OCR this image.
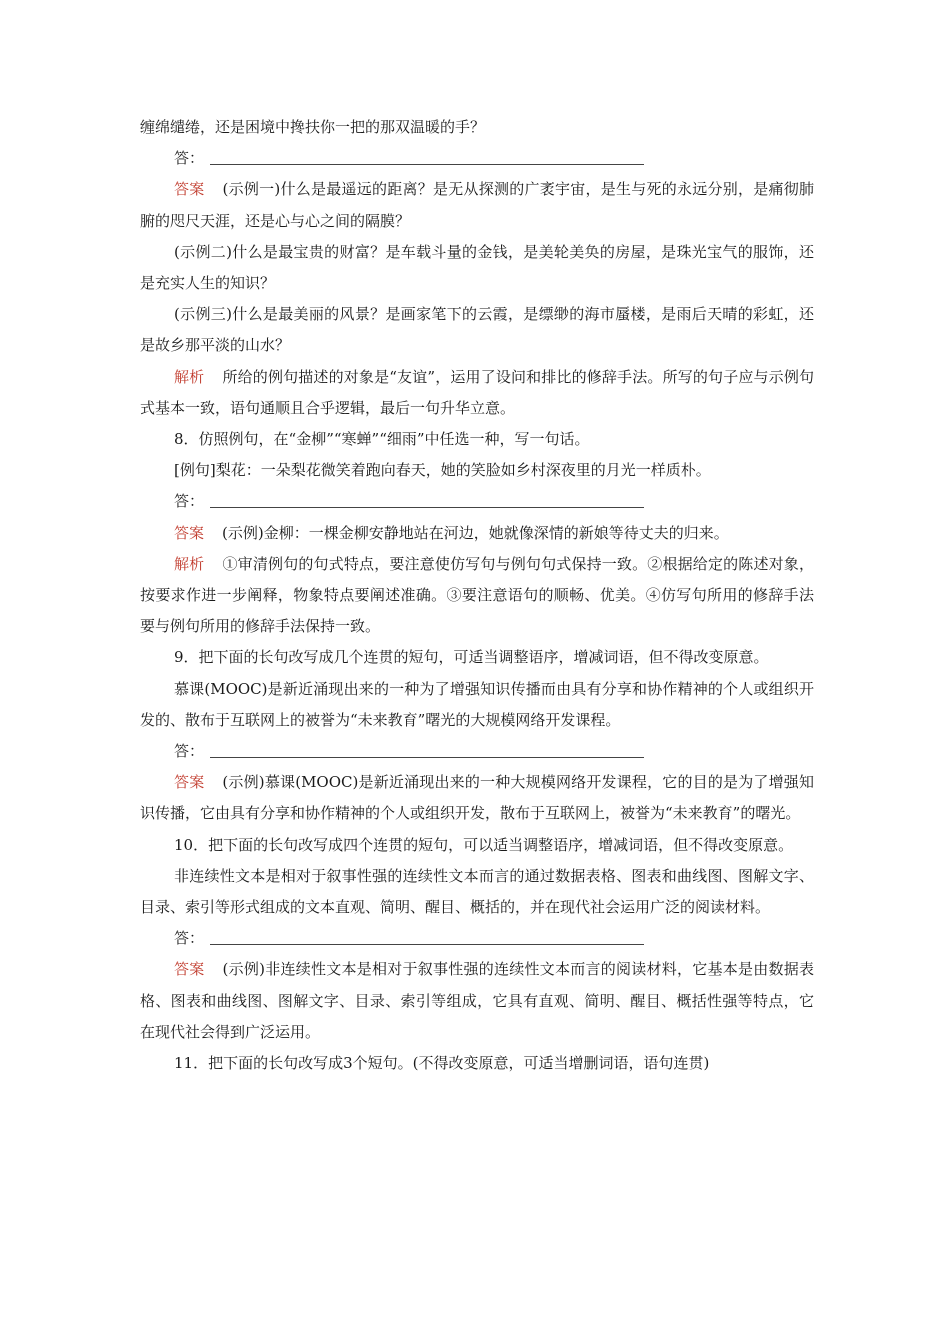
缠绵缱绻，还是困境中搀扶你一把的那双温暖的手？

答：

答案 (示例一)什么是最遥远的距离？是无从探测的广袤宇宙，是生与死的永远分别，是痛彻肺腑的咫尺天涯，还是心与心之间的隔膜？

(示例二)什么是最宝贵的财富？是车载斗量的金钱，是美轮美奂的房屋，是珠光宝气的服饰，还是充实人生的知识？

(示例三)什么是最美丽的风景？是画家笔下的云霞，是缥缈的海市蜃楼，是雨后天晴的彩虹，还是故乡那平淡的山水？

解析 所给的例句描述的对象是“友谊”，运用了设问和排比的修辞手法。所写的句子应与示例句式基本一致，语句通顺且合乎逻辑，最后一句升华立意。

8．仿照例句，在“金柳”“寒蝉”“细雨”中任选一种，写一句话。

[例句]梨花：一朵梨花微笑着跑向春天，她的笑脸如乡村深夜里的月光一样质朴。

答：

答案 (示例)金柳：一棵金柳安静地站在河边，她就像深情的新娘等待丈夫的归来。

解析 ①审清例句的句式特点，要注意使仿写句与例句句式保持一致。②根据给定的陈述对象，按要求作进一步阐释，物象特点要阐述准确。③要注意语句的顺畅、优美。④仿写句所用的修辞手法要与例句所用的修辞手法保持一致。

9．把下面的长句改写成几个连贯的短句，可适当调整语序，增减词语，但不得改变原意。

慕课(MOOC)是新近涌现出来的一种为了增强知识传播而由具有分享和协作精神的个人或组织开发的、散布于互联网上的被誉为“未来教育”曙光的大规模网络开发课程。

答：

答案 (示例)慕课(MOOC)是新近涌现出来的一种大规模网络开发课程，它的目的是为了增强知识传播，它由具有分享和协作精神的个人或组织开发，散布于互联网上，被誉为“未来教育”的曙光。

10．把下面的长句改写成四个连贯的短句，可以适当调整语序，增减词语，但不得改变原意。

非连续性文本是相对于叙事性强的连续性文本而言的通过数据表格、图表和曲线图、图解文字、目录、索引等形式组成的文本直观、简明、醒目、概括的，并在现代社会运用广泛的阅读材料。

答：

答案 (示例)非连续性文本是相对于叙事性强的连续性文本而言的阅读材料，它基本是由数据表格、图表和曲线图、图解文字、目录、索引等组成，它具有直观、简明、醒目、概括性强等特点，它在现代社会得到广泛运用。

11．把下面的长句改写成3个短句。(不得改变原意，可适当增删词语，语句连贯)
